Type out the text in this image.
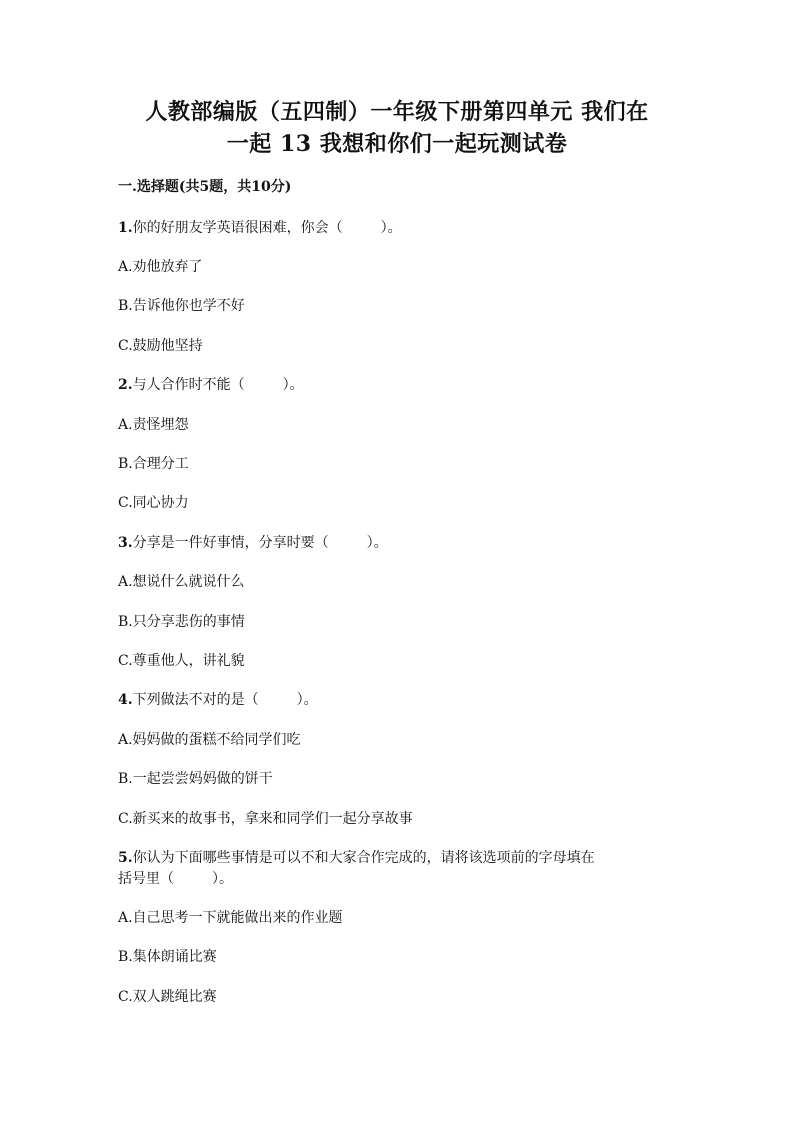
人教部编版（五四制）一年级下册第四单元 我们在
一起 13 我想和你们一起玩测试卷
一.选择题(共5题，共10分)
1.你的好朋友学英语很困难，你会（	）。
A.劝他放弃了
B.告诉他你也学不好
C.鼓励他坚持
2.与人合作时不能（	）。
A.责怪埋怨
B.合理分工
C.同心协力
3.分享是一件好事情，分享时要（	）。
A.想说什么就说什么
B.只分享悲伤的事情
C.尊重他人，讲礼貌
4.下列做法不对的是（	）。
A.妈妈做的蛋糕不给同学们吃
B.一起尝尝妈妈做的饼干
C.新买来的故事书，拿来和同学们一起分享故事
5.你认为下面哪些事情是可以不和大家合作完成的，请将该选项前的字母填在
括号里（	）。
A.自己思考一下就能做出来的作业题
B.集体朗诵比赛
C.双人跳绳比赛
